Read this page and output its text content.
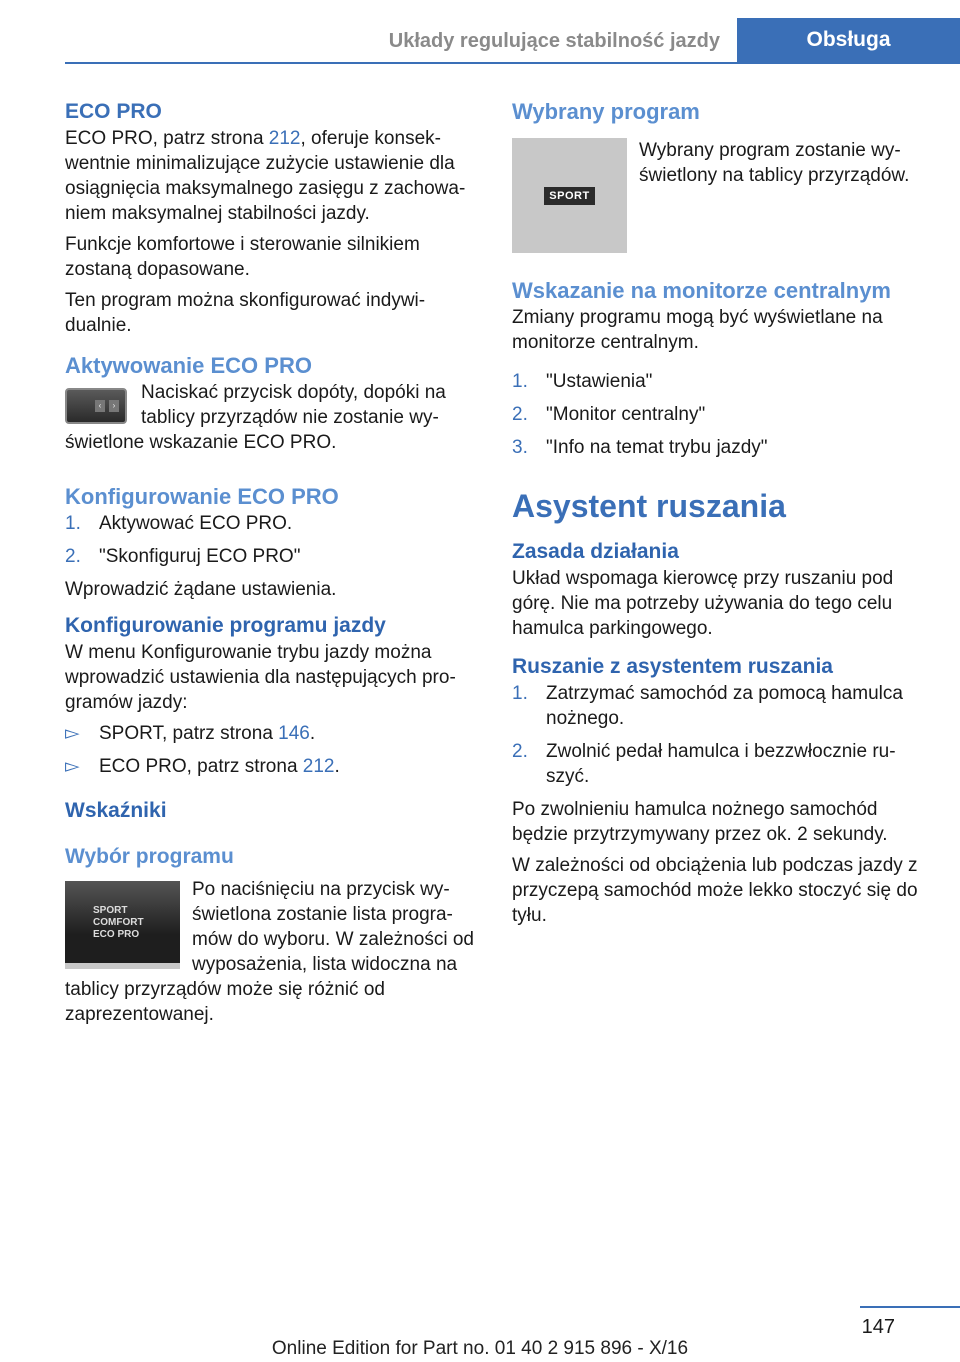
Układy regulujące stabilność jazdy	Obsługa
ECO PRO

ECO PRO, patrz strona 212, oferuje konsekwentnie minimalizujące zużycie ustawienie dla osiągnięcia maksymalnego zasięgu z zachowaniem maksymalnej stabilności jazdy.

Funkcje komfortowe i sterowanie silnikiem zostaną dopasowane.

Ten program można skonfigurować indywidualnie.

Aktywowanie ECO PRO
‹	›

Naciskać przycisk dopóty, dopóki na tablicy przyrządów nie zostanie wyświetlone wskazanie ECO PRO.

Konfigurowanie ECO PRO
1. Aktywować ECO PRO.
2. "Skonfiguruj ECO PRO"

Wprowadzić żądane ustawienia.

Konfigurowanie programu jazdy

W menu Konfigurowanie trybu jazdy można wprowadzić ustawienia dla następujących programów jazdy:

▻	SPORT, patrz strona 146.
▻	ECO PRO, patrz strona 212.
Wskaźniki
Wybór programu
SPORT
COMFORT
ECO PRO

Po naciśnięciu na przycisk wyświetlona zostanie lista programów do wyboru. W zależności od wyposażenia, lista widoczna na tablicy przyrządów może się różnić od zaprezentowanej.

Wybrany program
SPORT

Wybrany program zostanie wyświetlony na tablicy przyrządów.

Wskazanie na monitorze centralnym

Zmiany programu mogą być wyświetlane na monitorze centralnym.

1. "Ustawienia"
2. "Monitor centralny"
3. "Info na temat trybu jazdy"
Asystent ruszania
Zasada działania

Układ wspomaga kierowcę przy ruszaniu pod górę. Nie ma potrzeby używania do tego celu hamulca parkingowego.

Ruszanie z asystentem ruszania
1. Zatrzymać samochód za pomocą hamulca nożnego.
2. Zwolnić pedał hamulca i bezzwłocznie ruszyć.

Po zwolnieniu hamulca nożnego samochód będzie przytrzymywany przez ok. 2 sekundy.

W zależności od obciążenia lub podczas jazdy z przyczepą samochód może lekko stoczyć się do tyłu.

147
Online Edition for Part no. 01 40 2 915 896 - X/16
